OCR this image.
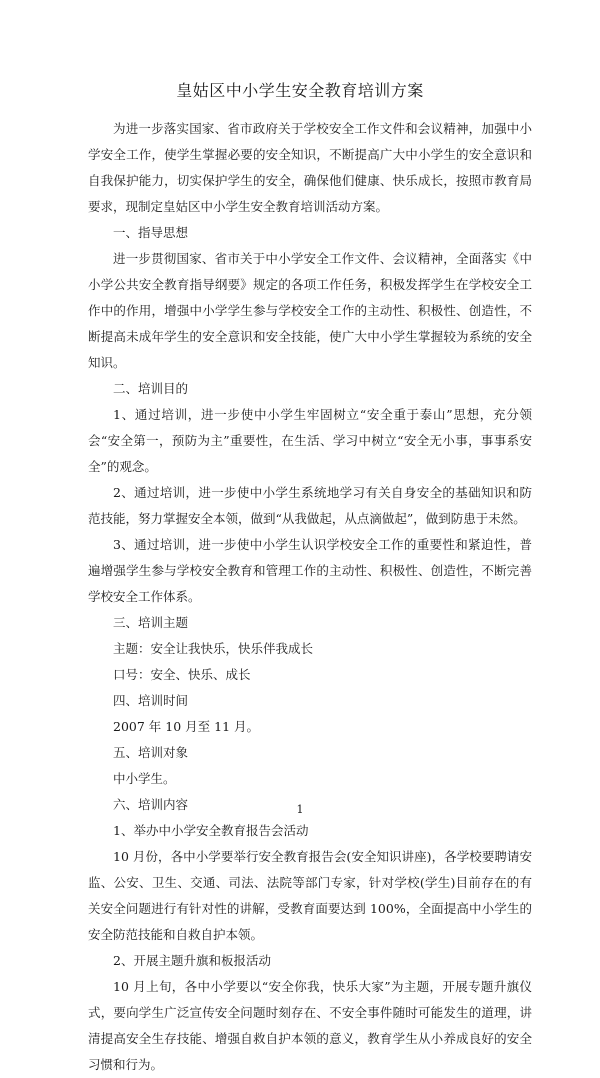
皇姑区中小学生安全教育培训方案

为进一步落实国家、省市政府关于学校安全工作文件和会议精神，加强中小学安全工作，使学生掌握必要的安全知识，不断提高广大中小学生的安全意识和自我保护能力，切实保护学生的安全，确保他们健康、快乐成长，按照市教育局要求，现制定皇姑区中小学生安全教育培训活动方案。

一、指导思想

进一步贯彻国家、省市关于中小学安全工作文件、会议精神，全面落实《中小学公共安全教育指导纲要》规定的各项工作任务，积极发挥学生在学校安全工作中的作用，增强中小学学生参与学校安全工作的主动性、积极性、创造性，不断提高未成年学生的安全意识和安全技能，使广大中小学生掌握较为系统的安全知识。

二、培训目的

1、通过培训，进一步使中小学生牢固树立“安全重于泰山”思想，充分领会“安全第一，预防为主”重要性，在生活、学习中树立“安全无小事，事事系安全”的观念。

2、通过培训，进一步使中小学生系统地学习有关自身安全的基础知识和防范技能，努力掌握安全本领，做到“从我做起，从点滴做起”，做到防患于未然。

3、通过培训，进一步使中小学生认识学校安全工作的重要性和紧迫性，普遍增强学生参与学校安全教育和管理工作的主动性、积极性、创造性，不断完善学校安全工作体系。

三、培训主题

主题：安全让我快乐，快乐伴我成长

口号：安全、快乐、成长

四、培训时间

2007 年 10 月至 11 月。

五、培训对象

中小学生。

六、培训内容

1、举办中小学安全教育报告会活动

10 月份，各中小学要举行安全教育报告会(安全知识讲座)，各学校要聘请安监、公安、卫生、交通、司法、法院等部门专家，针对学校(学生)目前存在的有关安全问题进行有针对性的讲解，受教育面要达到 100%，全面提高中小学生的安全防范技能和自救自护本领。

2、开展主题升旗和板报活动

10 月上旬，各中小学要以“安全你我，快乐大家”为主题，开展专题升旗仪式，要向学生广泛宣传安全问题时刻存在、不安全事件随时可能发生的道理，讲清提高安全生存技能、增强自救自护本领的意义，教育学生从小养成良好的安全习惯和行为。

1
